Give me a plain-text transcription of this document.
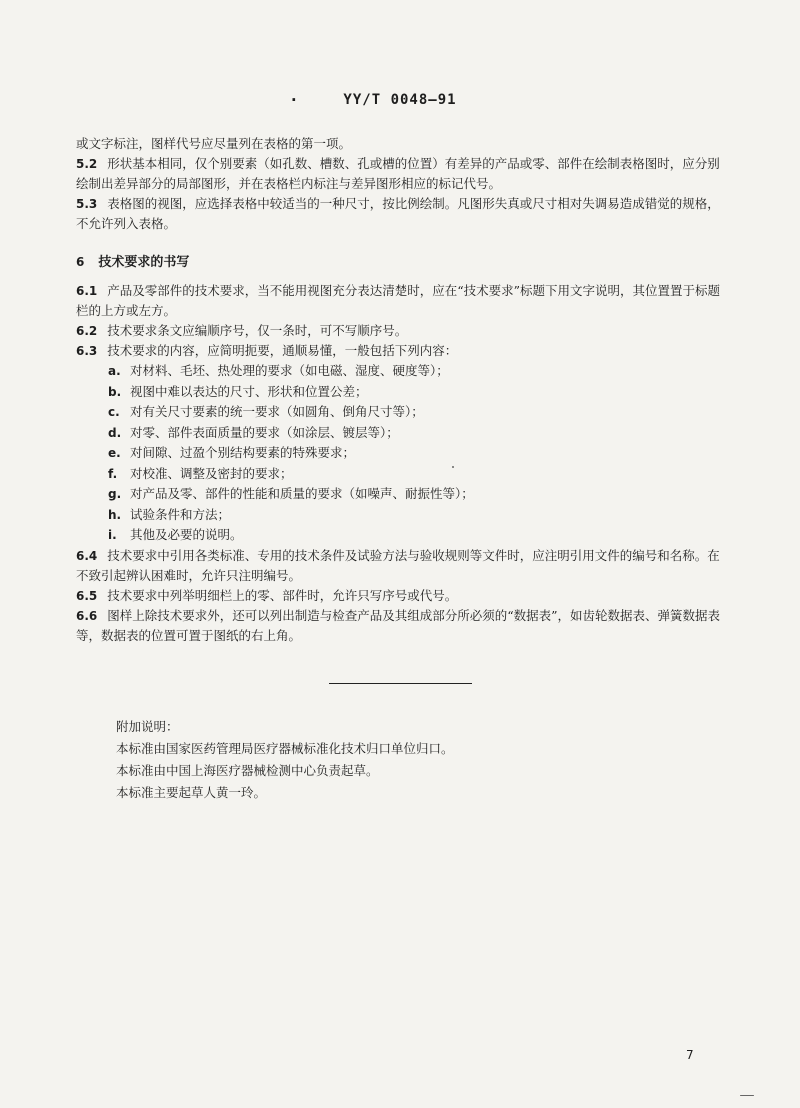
·	YY/T 0048—91

或文字标注，图样代号应尽量列在表格的第一项。

5.2 形状基本相同，仅个别要素（如孔数、槽数、孔或槽的位置）有差异的产品或零、部件在绘制表格图时，应分别绘制出差异部分的局部图形，并在表格栏内标注与差异图形相应的标记代号。

5.3 表格图的视图，应选择表格中较适当的一种尺寸，按比例绘制。凡图形失真或尺寸相对失调易造成错觉的规格，不允许列入表格。

6 技术要求的书写

6.1 产品及零部件的技术要求，当不能用视图充分表达清楚时，应在“技术要求”标题下用文字说明，其位置置于标题栏的上方或左方。

6.2 技术要求条文应编顺序号，仅一条时，可不写顺序号。

6.3 技术要求的内容，应简明扼要，通顺易懂，一般包括下列内容：

a. 对材料、毛坯、热处理的要求（如电磁、湿度、硬度等）；
b. 视图中难以表达的尺寸、形状和位置公差；
c. 对有关尺寸要素的统一要求（如圆角、倒角尺寸等）；
d. 对零、部件表面质量的要求（如涂层、镀层等）；
e. 对间隙、过盈个别结构要素的特殊要求；
f. 对校准、调整及密封的要求；
g. 对产品及零、部件的性能和质量的要求（如噪声、耐振性等）；
h. 试验条件和方法；
i. 其他及必要的说明。

6.4 技术要求中引用各类标准、专用的技术条件及试验方法与验收规则等文件时，应注明引用文件的编号和名称。在不致引起辨认困难时，允许只注明编号。

6.5 技术要求中列举明细栏上的零、部件时，允许只写序号或代号。

6.6 图样上除技术要求外，还可以列出制造与检查产品及其组成部分所必须的“数据表”，如齿轮数据表、弹簧数据表等，数据表的位置可置于图纸的右上角。

附加说明：
本标准由国家医药管理局医疗器械标准化技术归口单位归口。
本标准由中国上海医疗器械检测中心负责起草。
本标准主要起草人黄一玲。
7
